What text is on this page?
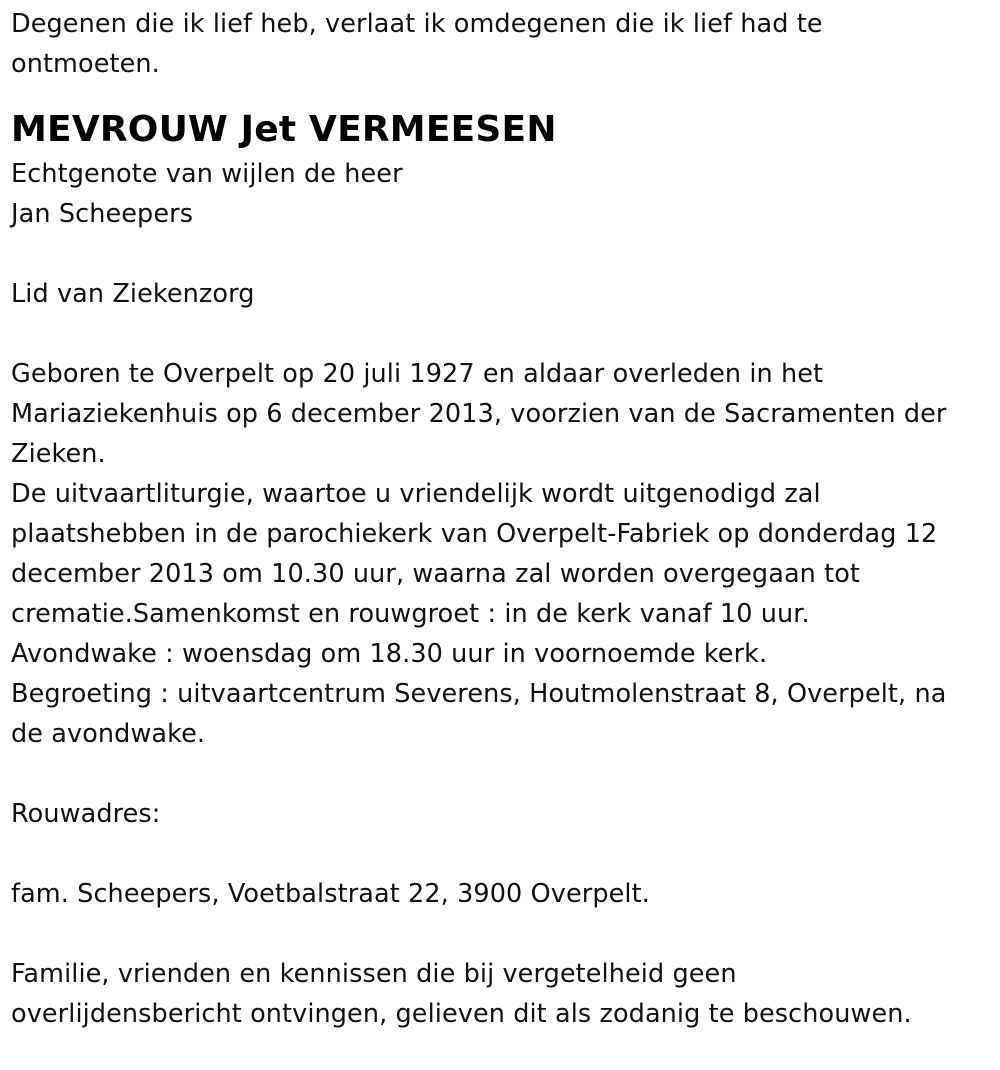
Degenen die ik lief heb, verlaat ik omdegenen die ik lief had te
ontmoeten.
MEVROUW Jet VERMEESEN
Echtgenote van wijlen de heer
Jan Scheepers
Lid van Ziekenzorg
Geboren te Overpelt op 20 juli 1927 en aldaar overleden in het
Mariaziekenhuis op 6 december 2013, voorzien van de Sacramenten der
Zieken.
De uitvaartliturgie, waartoe u vriendelijk wordt uitgenodigd zal
plaatshebben in de parochiekerk van Overpelt-Fabriek op donderdag 12
december 2013 om 10.30 uur, waarna zal worden overgegaan tot
crematie.Samenkomst en rouwgroet : in de kerk vanaf 10 uur.
Avondwake : woensdag om 18.30 uur in voornoemde kerk.
Begroeting : uitvaartcentrum Severens, Houtmolenstraat 8, Overpelt, na
de avondwake.
Rouwadres:
fam. Scheepers, Voetbalstraat 22, 3900 Overpelt.
Familie, vrienden en kennissen die bij vergetelheid geen
overlijdensbericht ontvingen, gelieven dit als zodanig te beschouwen.
